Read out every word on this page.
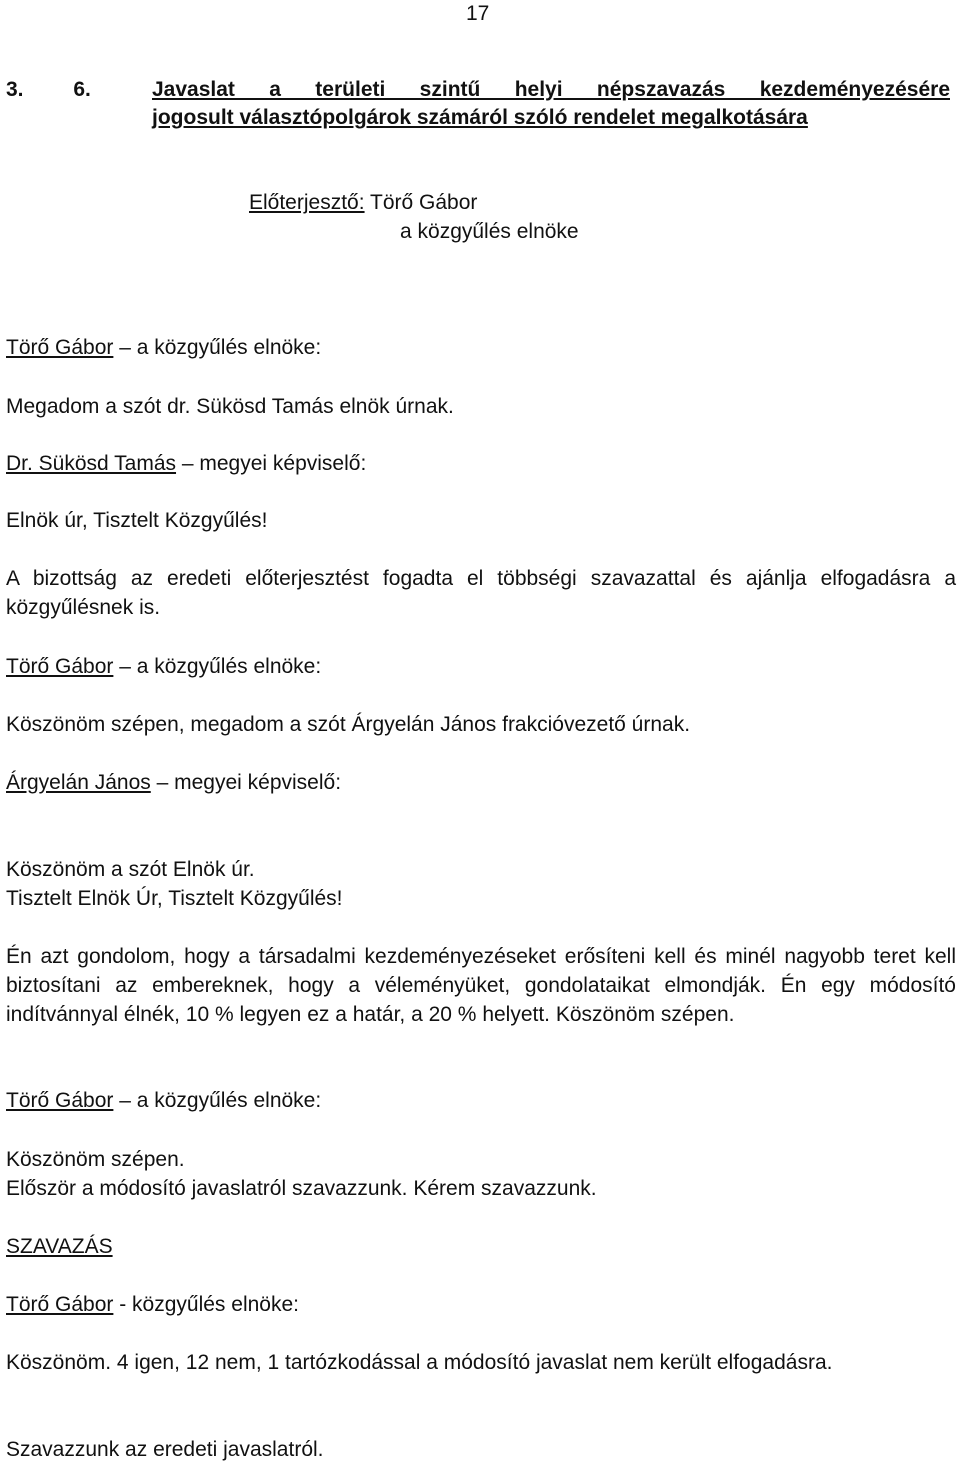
17
3. 6.	Javaslat a területi szintű helyi népszavazás kezdeményezésére
jogosult választópolgárok számáról szóló rendelet megalkotására
Előterjesztő: Törő Gábor
a közgyűlés elnöke

Törő Gábor – a közgyűlés elnöke:

Megadom a szót dr. Sükösd Tamás elnök úrnak.

Dr. Sükösd Tamás – megyei képviselő:

Elnök úr, Tisztelt Közgyűlés!

A bizottság az eredeti előterjesztést fogadta el többségi szavazattal és ajánlja elfogadásra a közgyűlésnek is.

Törő Gábor – a közgyűlés elnöke:

Köszönöm szépen, megadom a szót Árgyelán János frakcióvezető úrnak.

Árgyelán János – megyei képviselő:

Köszönöm a szót Elnök úr.

Tisztelt Elnök Úr, Tisztelt Közgyűlés!

Én azt gondolom, hogy a társadalmi kezdeményezéseket erősíteni kell és minél nagyobb teret kell biztosítani az embereknek, hogy a véleményüket, gondolataikat elmondják. Én egy módosító indítvánnyal élnék, 10 % legyen ez a határ, a 20 % helyett. Köszönöm szépen.

Törő Gábor – a közgyűlés elnöke:

Köszönöm szépen.

Először a módosító javaslatról szavazzunk. Kérem szavazzunk.

SZAVAZÁS

Törő Gábor - közgyűlés elnöke:

Köszönöm. 4 igen, 12 nem, 1 tartózkodással a módosító javaslat nem került elfogadásra.

Szavazzunk az eredeti javaslatról.
